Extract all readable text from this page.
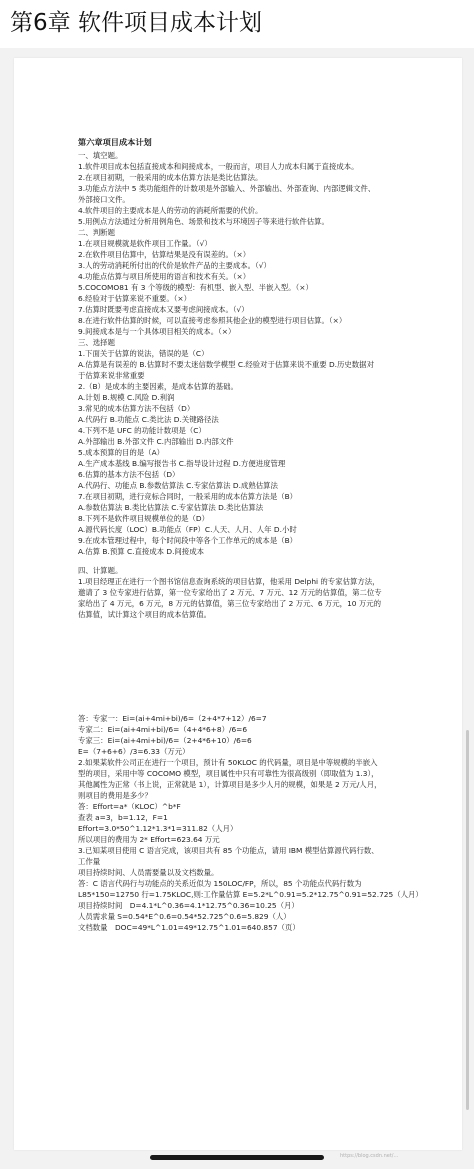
第6章 软件项目成本计划
第六章项目成本计划
一、填空题。
1.软件项目成本包括直接成本和间接成本，一般而言，项目人力成本归属于直接成本。
2.在项目初期，一般采用的成本估算方法是类比估算法。
3.功能点方法中 5 类功能组件的计数项是外部输入、外部输出、外部查询、内部逻辑文件、
外部接口文件。
4.软件项目的主要成本是人的劳动的消耗所需要的代价。
5.用例点方法通过分析用例角色、场景和技术与环境因子等来进行软件估算。
二、判断题
1.在项目规模就是软件项目工作量。（√）
2.在软件项目估算中，估算结果是没有误差的。（×）
3.人的劳动消耗所付出的代价是软件产品的主要成本。（√）
4.功能点估算与项目所使用的语言和技术有关。（×）
5.COCOMO81 有 3 个等级的模型：有机型、嵌入型、半嵌入型。（×）
6.经验对于估算来说不重要。（×）
7.估算时既要考虑直接成本又要考虑间接成本。（√）
8.在进行软件估算的时候，可以直接考虑参照其他企业的模型进行项目估算。（×）
9.间接成本是与一个具体项目相关的成本。（×）
三、选择题
1.下面关于估算的说法，错误的是（C）
A.估算是有误差的 B.估算时不要太迷信数学模型 C.经验对于估算来说不重要 D.历史数据对
于估算来说非常重要
2.（B）是成本的主要因素，是成本估算的基础。
A.计划 B.规模 C.风险 D.利润
3.常见的成本估算方法不包括（D）
A.代码行 B.功能点 C.类比法 D.关键路径法
4.下列不是 UFC 的功能计数项是（C）
A.外部输出 B.外部文件 C.内部输出 D.内部文件
5.成本预算的目的是（A）
A.生产成本基线 B.编写报告书 C.指导设计过程 D.方便进度管理
6.估算的基本方法不包括（D）
A.代码行、功能点 B.参数估算法 C.专家估算法 D.成熟估算法
7.在项目初期，进行竞标合同时，一般采用的成本估算方法是（B）
A.参数估算法 B.类比估算法 C.专家估算法 D.类比估算法
8.下列不是软件项目规模单位的是（D）
A.源代码长度（LOC）B.功能点（FP）C.人天、人月、人年 D.小时
9.在成本管理过程中，每个时间段中等各个工作单元的成本是（B）
A.估算 B.预算 C.直接成本 D.间接成本
四、计算题。
1.项目经理正在进行一个图书馆信息查询系统的项目估算，他采用 Delphi 的专家估算方法，
邀请了 3 位专家进行估算，第一位专家给出了 2 万元、7 万元、12 万元的估算值，第二位专
家给出了 4 万元，6 万元，8 万元的估算值，第三位专家给出了 2 万元、6 万元，10 万元的
估算值，试计算这个项目的成本估算值。
答：专家一：Ei=(ai+4mi+bi)/6=（2+4*7+12）/6=7
专家二：Ei=(ai+4mi+bi)/6=（4+4*6+8）/6=6
专家三：Ei=(ai+4mi+bi)/6=（2+4*6+10）/6=6
E=（7+6+6）/3=6.33（万元）
2.如果某软件公司正在进行一个项目，预计有 50KLOC 的代码量，项目是中等规模的半嵌入
型的项目，采用中等 COCOMO 模型，项目属性中只有可靠性为很高级别（即取值为 1.3），
其他属性为正常（书上说，正常就是 1），计算项目是多少人月的规模，如果是 2 万元/人月，
则项目的费用是多少？
答：Effort=a*（KLOC）^b*F
查表 a=3，b=1.12，F=1
Effort=3.0*50^1.12*1.3*1=311.82（人月）
所以项目的费用为 2* Effort=623.64 万元
3.已知某项目使用 C 语言完成，该项目共有 85 个功能点，请用 IBM 模型估算源代码行数、
工作量
项目持续时间、人员需要量以及文档数量。
答：C 语言代码行与功能点的关系近似为 150LOC/FP，所以，85 个功能点代码行数为
L85*150=12750 行=1.75KLOC,则:工作量估算 E=5.2*L^0.91=5.2*12.75^0.91=52.725（人月）
项目持续时间　D=4.1*L^0.36=4.1*12.75^0.36=10.25（月）
人员需求量 S=0.54*E^0.6=0.54*52.725^0.6=5.829（人）
文档数量　DOC=49*L^1.01=49*12.75^1.01=640.857（页）
https://blog.csdn.net/...
